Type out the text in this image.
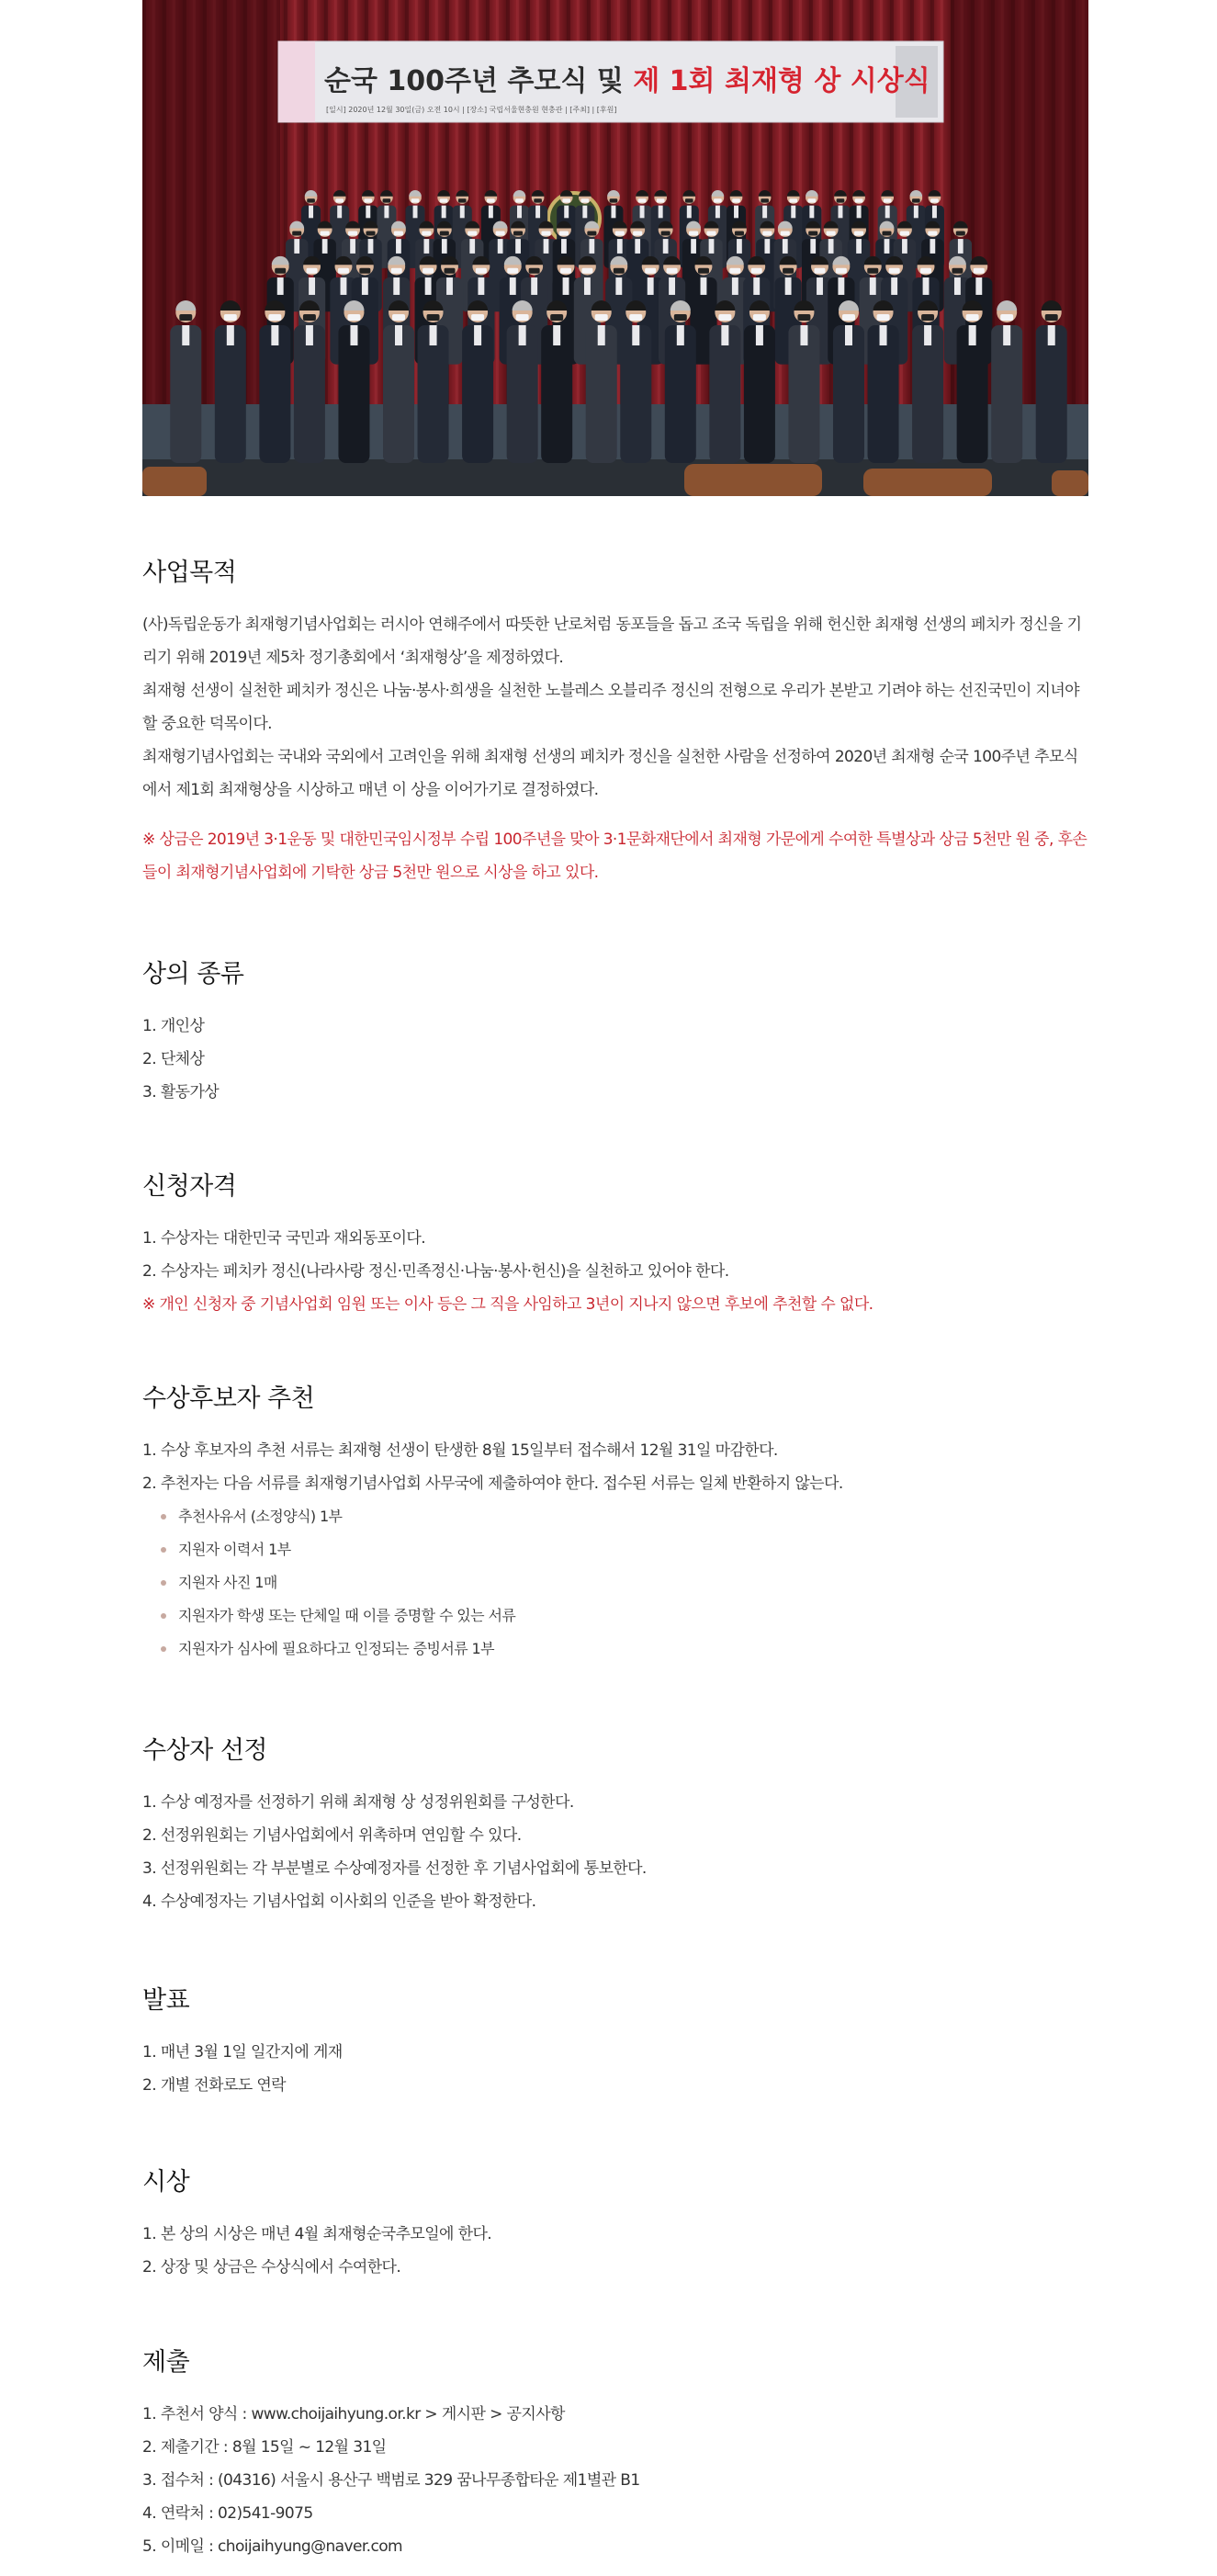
순국 100주년 추모식 및 제 1회 최재형 상 시상식
[일시] 2020년 12월 30일(금) 오전 10시 | [장소] 국립서울현충원 현충관 | [주최] | [후원]
사업목적

(사)독립운동가 최재형기념사업회는 러시아 연해주에서 따뜻한 난로처럼 동포들을 돕고 조국 독립을 위해 헌신한 최재형 선생의 페치카 정신을 기리기 위해 2019년 제5차 정기총회에서 ‘최재형상’을 제정하였다.

최재형 선생이 실천한 페치카 정신은 나눔·봉사·희생을 실천한 노블레스 오블리주 정신의 전형으로 우리가 본받고 기려야 하는 선진국민이 지녀야 할 중요한 덕목이다.

최재형기념사업회는 국내와 국외에서 고려인을 위해 최재형 선생의 페치카 정신을 실천한 사람을 선정하여 2020년 최재형 순국 100주년 추모식에서 제1회 최재형상을 시상하고 매년 이 상을 이어가기로 결정하였다.

※ 상금은 2019년 3·1운동 및 대한민국임시정부 수립 100주년을 맞아 3·1문화재단에서 최재형 가문에게 수여한 특별상과 상금 5천만 원 중, 후손들이 최재형기념사업회에 기탁한 상금 5천만 원으로 시상을 하고 있다.

상의 종류

1. 개인상

2. 단체상

3. 활동가상

신청자격

1. 수상자는 대한민국 국민과 재외동포이다.

2. 수상자는 페치카 정신(나라사랑 정신·민족정신·나눔·봉사·헌신)을 실천하고 있어야 한다.

※ 개인 신청자 중 기념사업회 임원 또는 이사 등은 그 직을 사임하고 3년이 지나지 않으면 후보에 추천할 수 없다.

수상후보자 추천

1. 수상 후보자의 추천 서류는 최재형 선생이 탄생한 8월 15일부터 접수해서 12월 31일 마감한다.

2. 추천자는 다음 서류를 최재형기념사업회 사무국에 제출하여야 한다. 접수된 서류는 일체 반환하지 않는다.

추천사유서 (소정양식) 1부
지원자 이력서 1부
지원자 사진 1매
지원자가 학생 또는 단체일 때 이를 증명할 수 있는 서류
지원자가 심사에 필요하다고 인정되는 증빙서류 1부
수상자 선정

1. 수상 예정자를 선정하기 위해 최재형 상 성정위원회를 구성한다.

2. 선정위원회는 기념사업회에서 위촉하며 연임할 수 있다.

3. 선정위원회는 각 부분별로 수상예정자를 선정한 후 기념사업회에 통보한다.

4. 수상예정자는 기념사업회 이사회의 인준을 받아 확정한다.

발표

1. 매년 3월 1일 일간지에 게재

2. 개별 전화로도 연락

시상

1. 본 상의 시상은 매년 4월 최재형순국추모일에 한다.

2. 상장 및 상금은 수상식에서 수여한다.

제출

1. 추천서 양식 : www.choijaihyung.or.kr > 게시판 > 공지사항

2. 제출기간 : 8월 15일 ~ 12월 31일

3. 접수처 : (04316) 서울시 용산구 백범로 329 꿈나무종합타운 제1별관 B1

4. 연락처 : 02)541-9075

5. 이메일 : choijaihyung@naver.com
